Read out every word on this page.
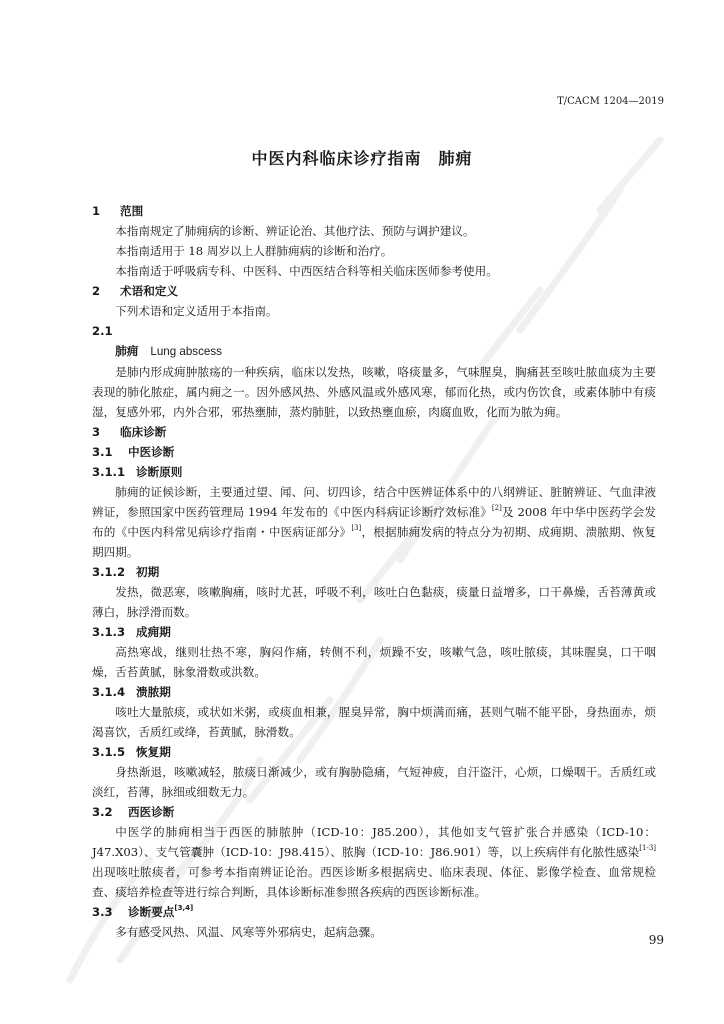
T/CACM 1204—2019
中医内科临床诊疗指南　肺痈

1 范围

本指南规定了肺痈病的诊断、辨证论治、其他疗法、预防与调护建议。

本指南适用于 18 周岁以上人群肺痈病的诊断和治疗。

本指南适于呼吸病专科、中医科、中西医结合科等相关临床医师参考使用。

2 术语和定义

下列术语和定义适用于本指南。

2.1

肺痈 Lung abscess

是肺内形成痈肿脓疡的一种疾病，临床以发热，咳嗽，咯痰量多，气味腥臭，胸痛甚至咳吐脓血痰为主要表现的肺化脓症，属内痈之一。因外感风热、外感风温或外感风寒，郁而化热，或内伤饮食，或素体肺中有痰湿，复感外邪，内外合邪，邪热壅肺，蒸灼肺脏，以致热壅血瘀，肉腐血败，化而为脓为痈。

3 临床诊断

3.1 中医诊断

3.1.1 诊断原则

肺痈的证候诊断，主要通过望、闻、问、切四诊，结合中医辨证体系中的八纲辨证、脏腑辨证、气血津液辨证，参照国家中医药管理局 1994 年发布的《中医内科病证诊断疗效标准》[2]及 2008 年中华中医药学会发布的《中医内科常见病诊疗指南・中医病证部分》[3]，根据肺痈发病的特点分为初期、成痈期、溃脓期、恢复期四期。

3.1.2 初期

发热，微恶寒，咳嗽胸痛，咳时尤甚，呼吸不利，咳吐白色黏痰，痰量日益增多，口干鼻燥，舌苔薄黄或薄白，脉浮滑而数。

3.1.3 成痈期

高热寒战，继则壮热不寒，胸闷作痛，转侧不利，烦躁不安，咳嗽气急，咳吐脓痰，其味腥臭，口干咽燥，舌苔黄腻，脉象滑数或洪数。

3.1.4 溃脓期

咳吐大量脓痰，或状如米粥，或痰血相兼，腥臭异常，胸中烦满而痛，甚则气喘不能平卧，身热面赤，烦渴喜饮，舌质红或绛，苔黄腻，脉滑数。

3.1.5 恢复期

身热渐退，咳嗽减轻，脓痰日渐减少，或有胸胁隐痛，气短神疲，自汗盗汗，心烦，口燥咽干。舌质红或淡红，苔薄，脉细或细数无力。

3.2 西医诊断

中医学的肺痈相当于西医的肺脓肿（ICD-10：J85.200），其他如支气管扩张合并感染（ICD-10：J47.X03）、支气管囊肿（ICD-10：J98.415）、脓胸（ICD-10：J86.901）等，以上疾病伴有化脓性感染[1-3]出现咳吐脓痰者，可参考本指南辨证论治。西医诊断多根据病史、临床表现、体征、影像学检查、血常规检查、痰培养检查等进行综合判断，具体诊断标准参照各疾病的西医诊断标准。

3.3 诊断要点[3,4]

多有感受风热、风温、风寒等外邪病史，起病急骤。

99
